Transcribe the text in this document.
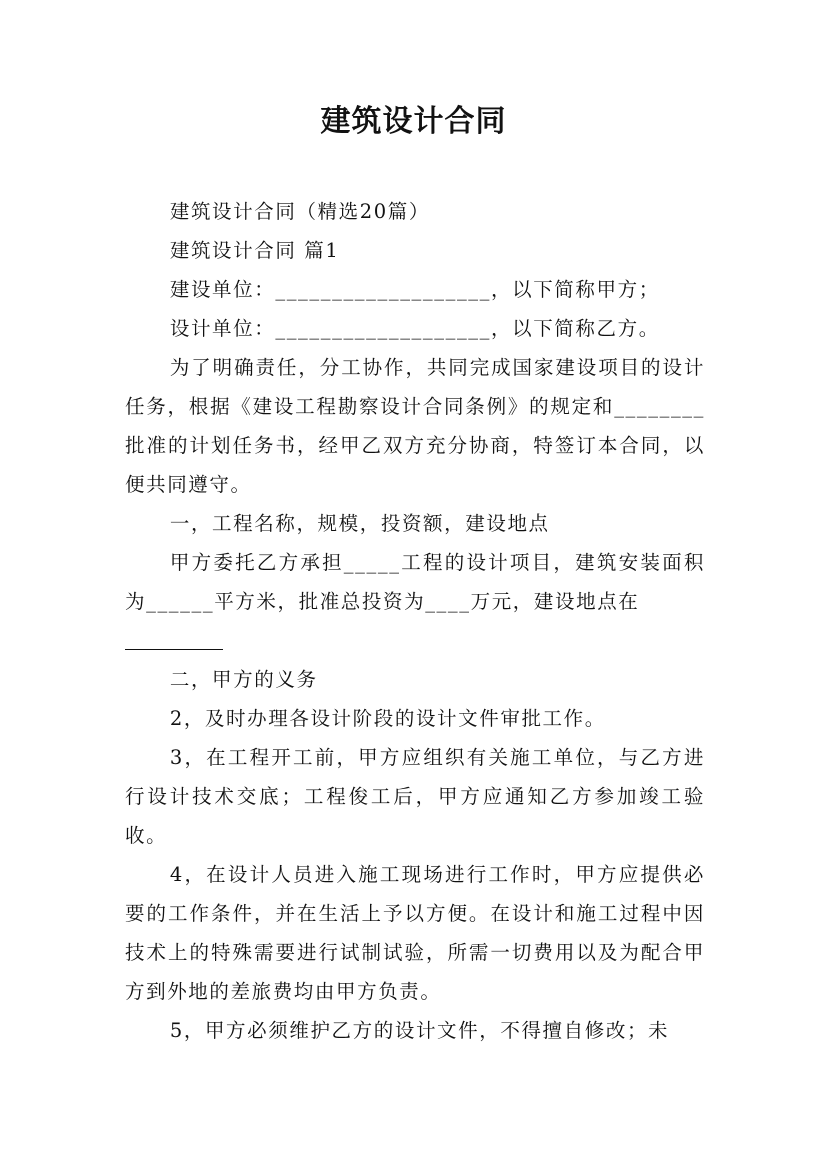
建筑设计合同

建筑设计合同（精选20篇）

建筑设计合同 篇1

建设单位：___________________，以下简称甲方；

设计单位：___________________，以下简称乙方。

为了明确责任，分工协作，共同完成国家建设项目的设计任务，根据《建设工程勘察设计合同条例》的规定和________批准的计划任务书，经甲乙双方充分协商，特签订本合同，以便共同遵守。

一，工程名称，规模，投资额，建设地点

甲方委托乙方承担_____工程的设计项目，建筑安装面积为______平方米，批准总投资为____万元，建设地点在

二，甲方的义务

2，及时办理各设计阶段的设计文件审批工作。

3，在工程开工前，甲方应组织有关施工单位，与乙方进行设计技术交底；工程俊工后，甲方应通知乙方参加竣工验收。

4，在设计人员进入施工现场进行工作时，甲方应提供必要的工作条件，并在生活上予以方便。在设计和施工过程中因技术上的特殊需要进行试制试验，所需一切费用以及为配合甲方到外地的差旅费均由甲方负责。

5，甲方必须维护乙方的设计文件，不得擅自修改；未
